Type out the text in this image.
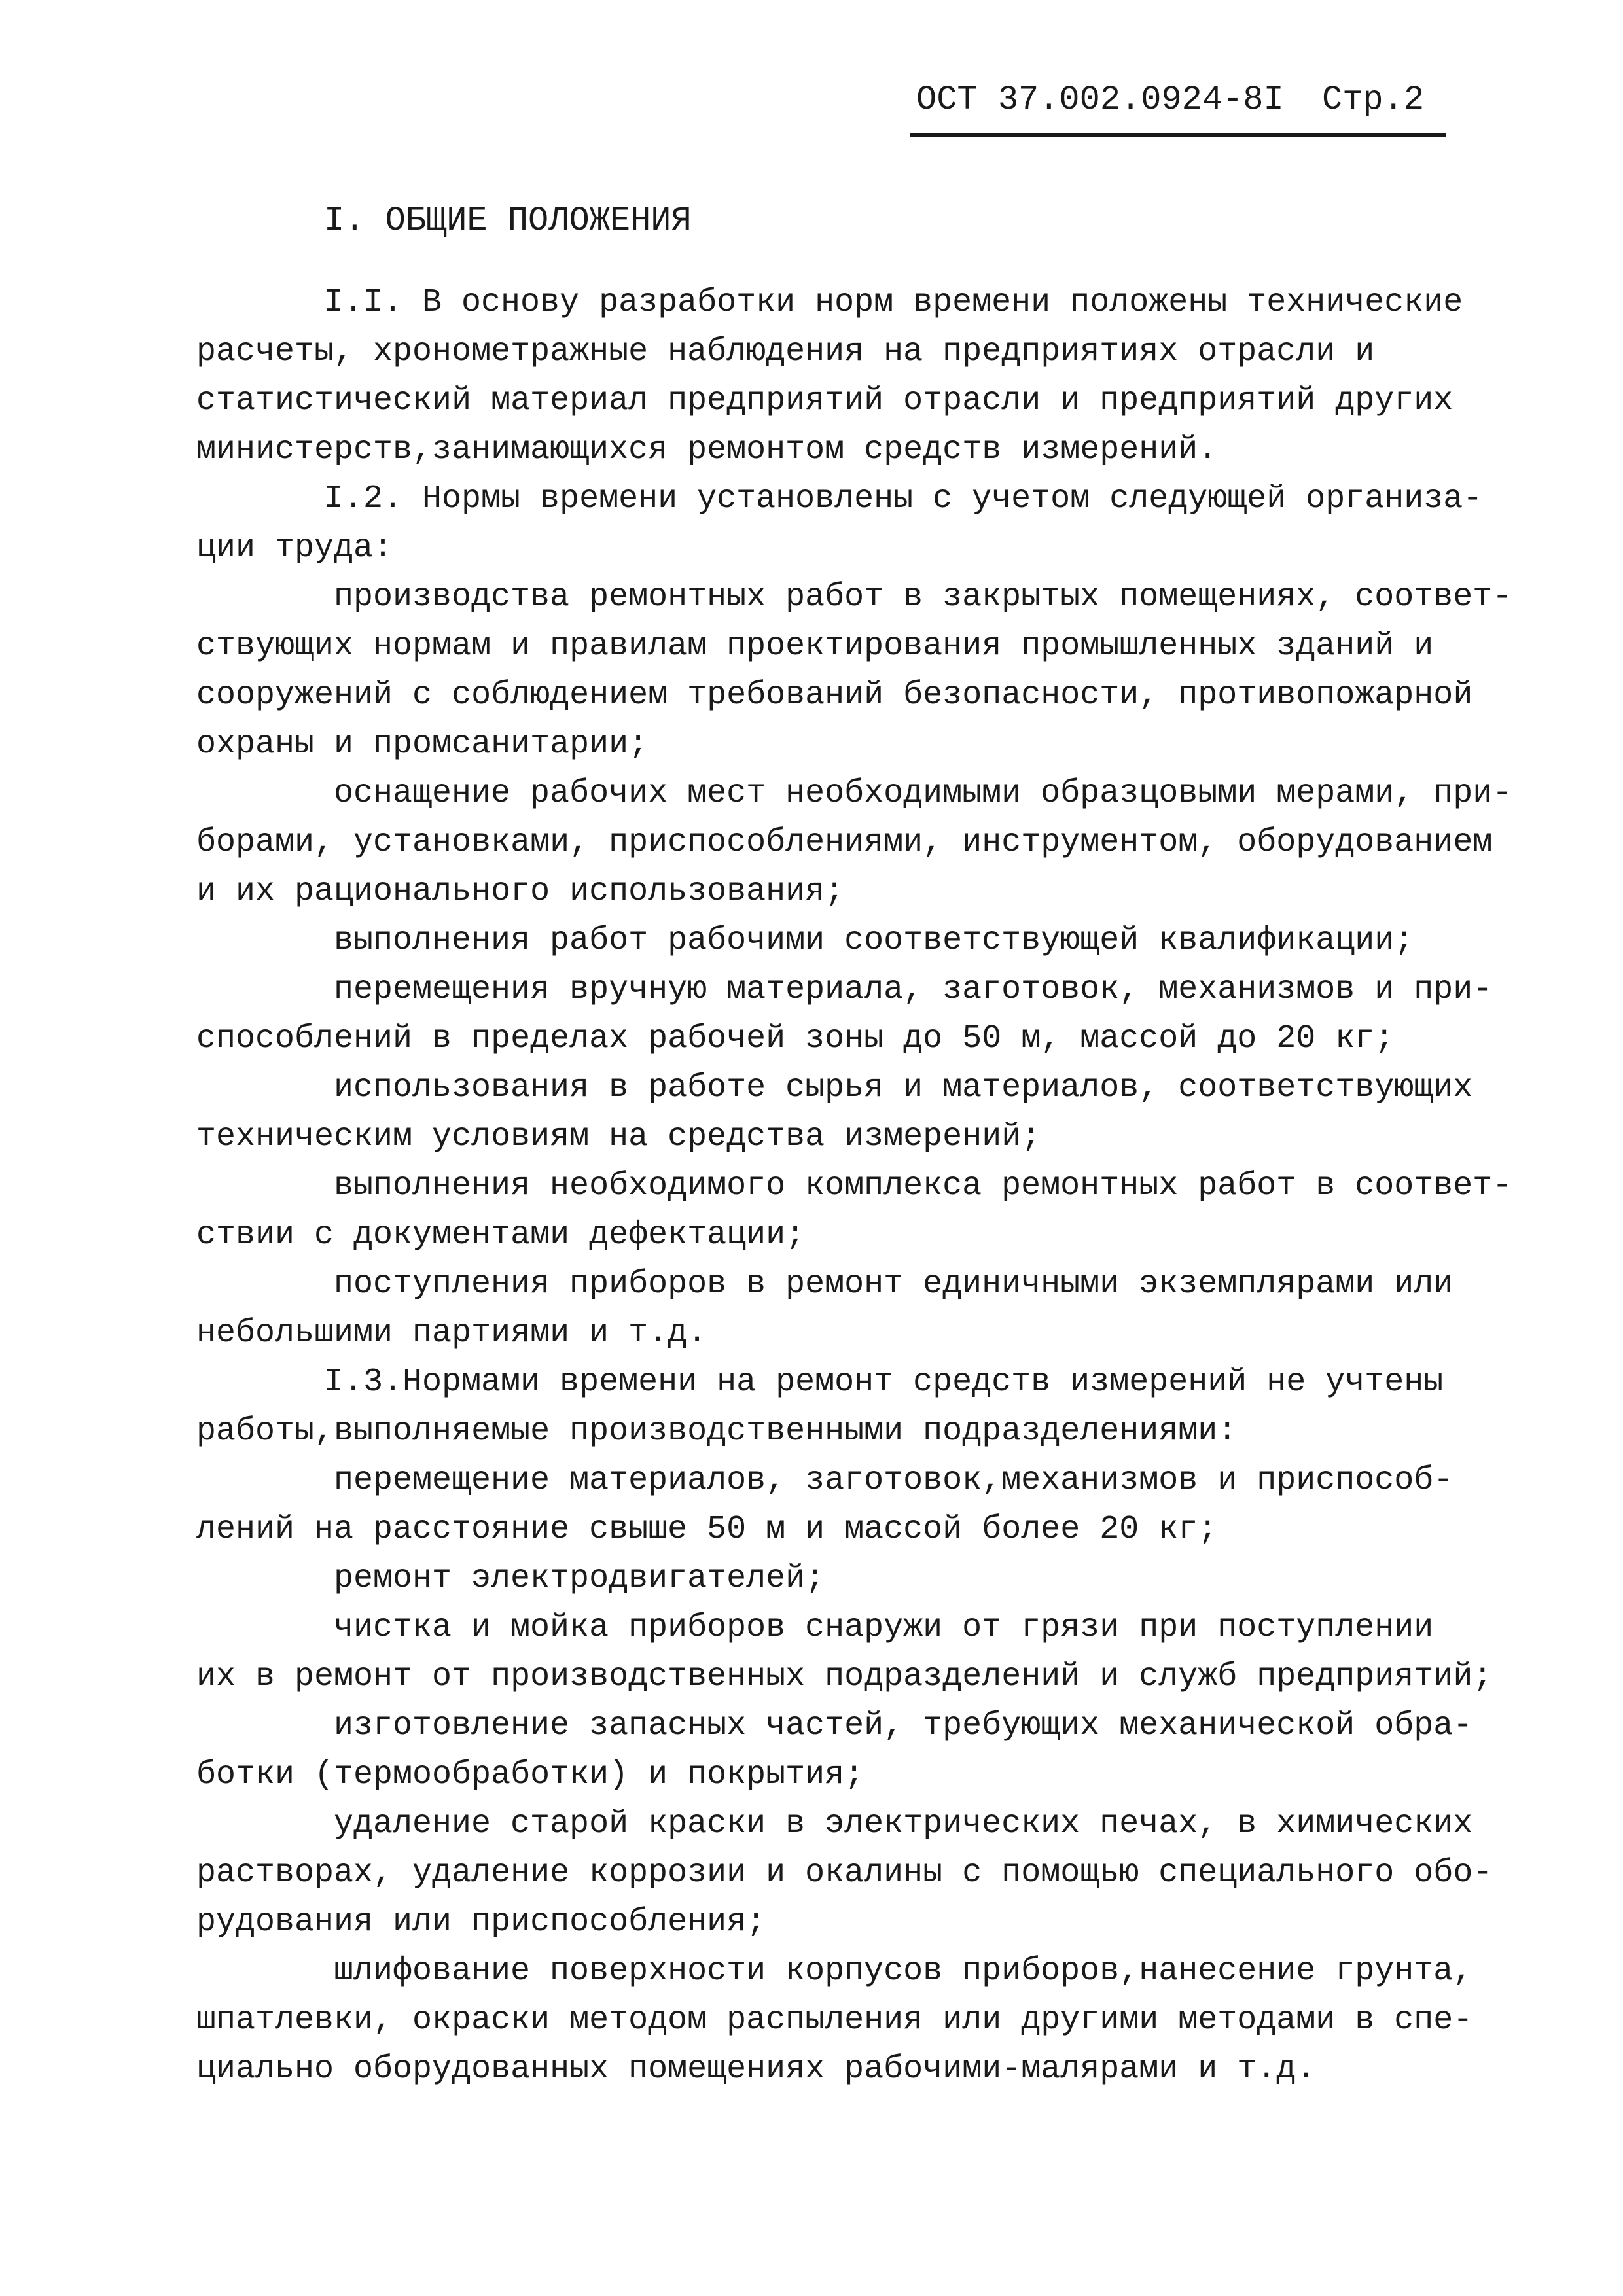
ОСТ 37.002.0924-8I Стр.2
I. ОБЩИЕ ПОЛОЖЕНИЯ
I.I. В основу разработки норм времени положены технические
расчеты, хронометражные наблюдения на предприятиях отрасли и
статистический материал предприятий отрасли и предприятий других
министерств,занимающихся ремонтом средств измерений.
I.2. Нормы времени установлены с учетом следующей организа-
ции труда:
производства ремонтных работ в закрытых помещениях, соответ-
ствующих нормам и правилам проектирования промышленных зданий и
сооружений с соблюдением требований безопасности, противопожарной
охраны и промсанитарии;
оснащение рабочих мест необходимыми образцовыми мерами, при-
борами, установками, приспособлениями, инструментом, оборудованием
и их рационального использования;
выполнения работ рабочими соответствующей квалификации;
перемещения вручную материала, заготовок, механизмов и при-
способлений в пределах рабочей зоны до 50 м, массой до 20 кг;
использования в работе сырья и материалов, соответствующих
техническим условиям на средства измерений;
выполнения необходимого комплекса ремонтных работ в соответ-
ствии с документами дефектации;
поступления приборов в ремонт единичными экземплярами или
небольшими партиями и т.д.
I.3.Нормами времени на ремонт средств измерений не учтены
работы,выполняемые производственными подразделениями:
перемещение материалов, заготовок,механизмов и приспособ-
лений на расстояние свыше 50 м и массой более 20 кг;
ремонт электродвигателей;
чистка и мойка приборов снаружи от грязи при поступлении
их в ремонт от производственных подразделений и служб предприятий;
изготовление запасных частей, требующих механической обра-
ботки (термообработки) и покрытия;
удаление старой краски в электрических печах, в химических
растворах, удаление коррозии и окалины с помощью специального обо-
рудования или приспособления;
шлифование поверхности корпусов приборов,нанесение грунта,
шпатлевки, окраски методом распыления или другими методами в спе-
циально оборудованных помещениях рабочими-малярами и т.д.
